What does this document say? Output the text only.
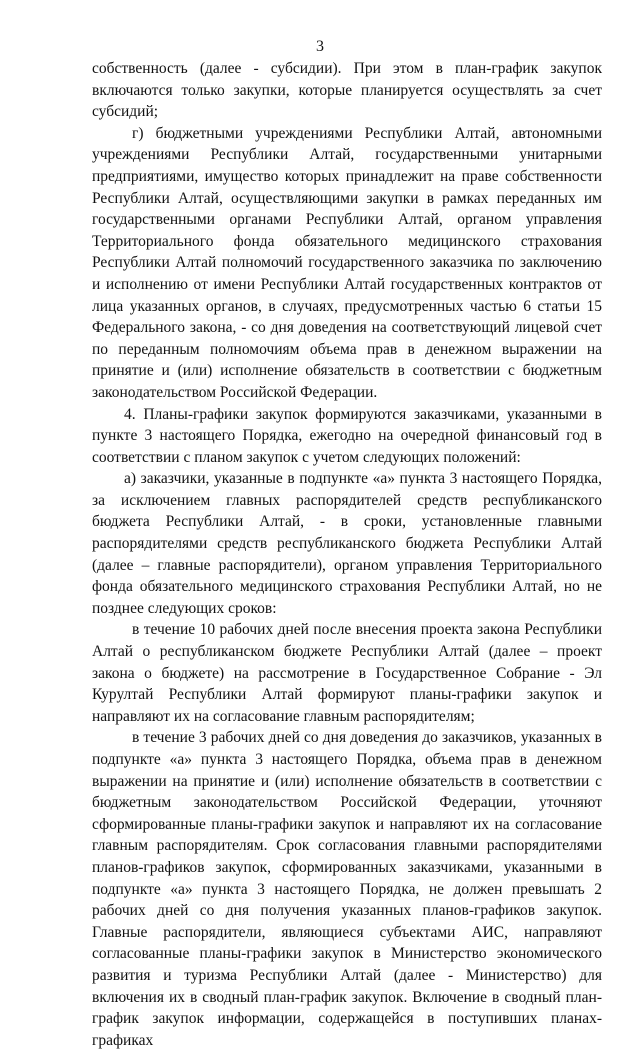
3

собственность (далее - субсидии). При этом в план-график закупок включаются только закупки, которые планируется осуществлять за счет субсидий;

г) бюджетными учреждениями Республики Алтай, автономными учреждениями Республики Алтай, государственными унитарными предприятиями, имущество которых принадлежит на праве собственности Республики Алтай, осуществляющими закупки в рамках переданных им государственными органами Республики Алтай, органом управления Территориального фонда обязательного медицинского страхования Республики Алтай полномочий государственного заказчика по заключению и исполнению от имени Республики Алтай государственных контрактов от лица указанных органов, в случаях, предусмотренных частью 6 статьи 15 Федерального закона, - со дня доведения на соответствующий лицевой счет по переданным полномочиям объема прав в денежном выражении на принятие и (или) исполнение обязательств в соответствии с бюджетным законодательством Российской Федерации.

4. Планы-графики закупок формируются заказчиками, указанными в пункте 3 настоящего Порядка, ежегодно на очередной финансовый год в соответствии с планом закупок с учетом следующих положений:

а) заказчики, указанные в подпункте «а» пункта 3 настоящего Порядка, за исключением главных распорядителей средств республиканского бюджета Республики Алтай, - в сроки, установленные главными распорядителями средств республиканского бюджета Республики Алтай (далее – главные распорядители), органом управления Территориального фонда обязательного медицинского страхования Республики Алтай, но не позднее следующих сроков:

в течение 10 рабочих дней после внесения проекта закона Республики Алтай о республиканском бюджете Республики Алтай (далее – проект закона о бюджете) на рассмотрение в Государственное Собрание - Эл Курултай Республики Алтай формируют планы-графики закупок и направляют их на согласование главным распорядителям;

в течение 3 рабочих дней со дня доведения до заказчиков, указанных в подпункте «а» пункта 3 настоящего Порядка, объема прав в денежном выражении на принятие и (или) исполнение обязательств в соответствии с бюджетным законодательством Российской Федерации, уточняют сформированные планы-графики закупок и направляют их на согласование главным распорядителям. Срок согласования главными распорядителями планов-графиков закупок, сформированных заказчиками, указанными в подпункте «а» пункта 3 настоящего Порядка, не должен превышать 2 рабочих дней со дня получения указанных планов-графиков закупок. Главные распорядители, являющиеся субъектами АИС, направляют согласованные планы-графики закупок в Министерство экономического развития и туризма Республики Алтай (далее - Министерство) для включения их в сводный план-график закупок. Включение в сводный план-график закупок информации, содержащейся в поступивших планах-графиках
